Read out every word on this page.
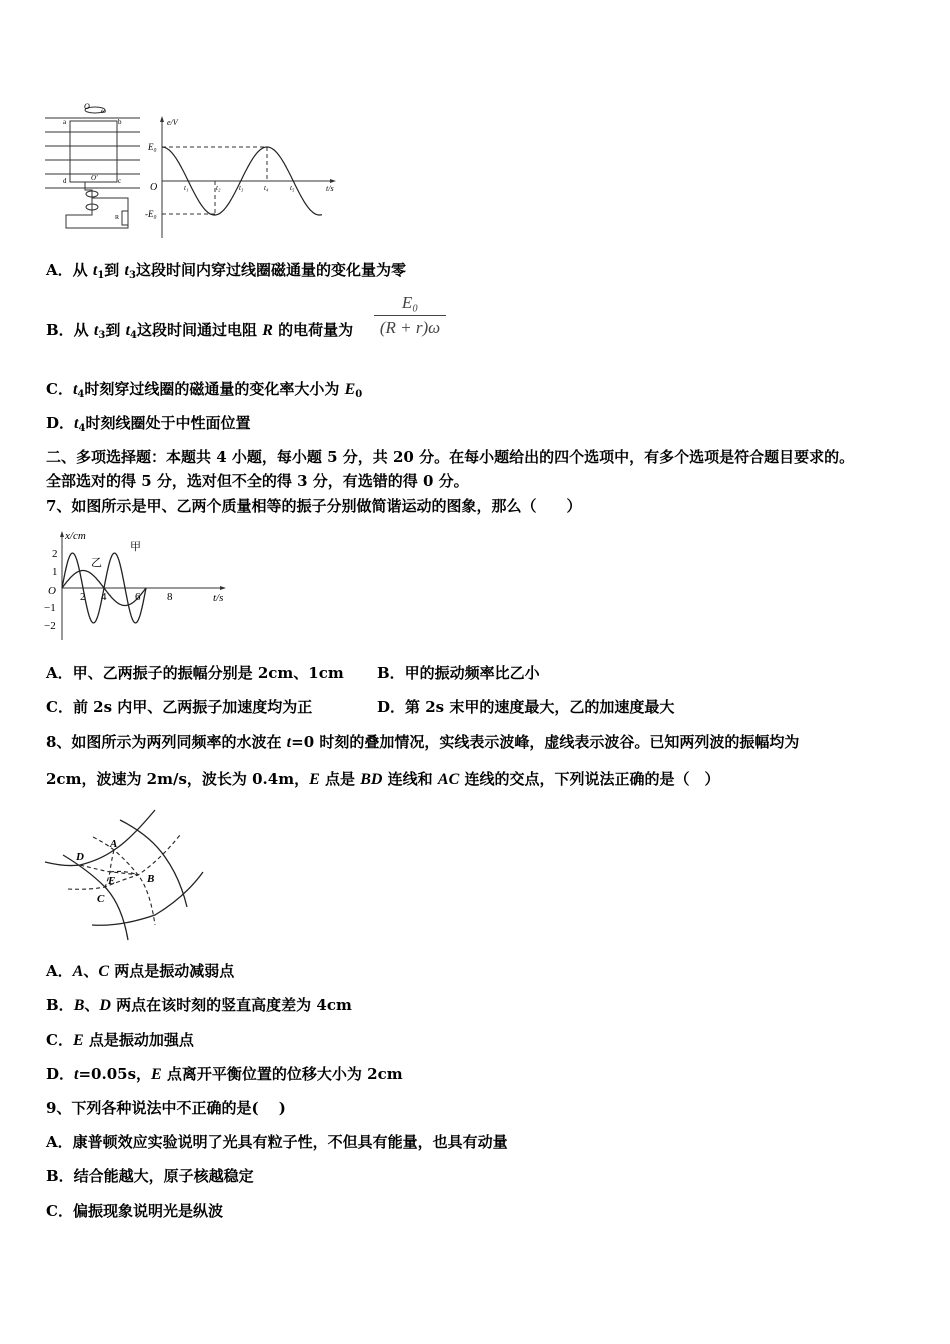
O ω
a	b
d	c
O′
R
e/V
t/s
O
E₀
-E₀
t₁	t₂	t₃	t₄	t₅
A．从 $t_1$到 $t_3$这段时间内穿过线圈磁通量的变化量为零
B．从 $t_3$到 $t_4$这段时间通过电阻 R 的电荷量为 $\frac{\text{E₀}}{(R + r)\omega}$
C．$t_4$时刻穿过线圈的磁通量的变化率大小为 $E_0$
D．$t_4$时刻线圈处于中性面位置
二、多项选择题：本题共 4 小题，每小题 5 分，共 20 分。在每小题给出的四个选项中，有多个选项是符合题目要求的。
全部选对的得 5 分，选对但不全的得 3 分，有选错的得 0 分。
7、如图所示是甲、乙两个质量相等的振子分别做简谐运动的图象，那么（　　）
x/cm
t/s
O
2
1
−1
−2
2 4	6 8
甲
乙
A．甲、乙两振子的振幅分别是 2cm、1cm B．甲的振动频率比乙小
C．前 2s 内甲、乙两振子加速度均为正	D．第 2s 末甲的速度最大，乙的加速度最大
8、如图所示为两列同频率的水波在 t=0 时刻的叠加情况，实线表示波峰，虚线表示波谷。已知两列波的振幅均为
2cm，波速为 2m/s，波长为 0.4m，E 点是 BD 连线和 AC 连线的交点，下列说法正确的是（　）
D
A
B
C
E
A．A、C 两点是振动减弱点
B．B、D 两点在该时刻的竖直高度差为 4cm
C．E 点是振动加强点
D．t=0.05s，E 点离开平衡位置的位移大小为 2cm
9、下列各种说法中不正确的是(　 )
A．康普顿效应实验说明了光具有粒子性，不但具有能量，也具有动量
B．结合能越大，原子核越稳定
C．偏振现象说明光是纵波
